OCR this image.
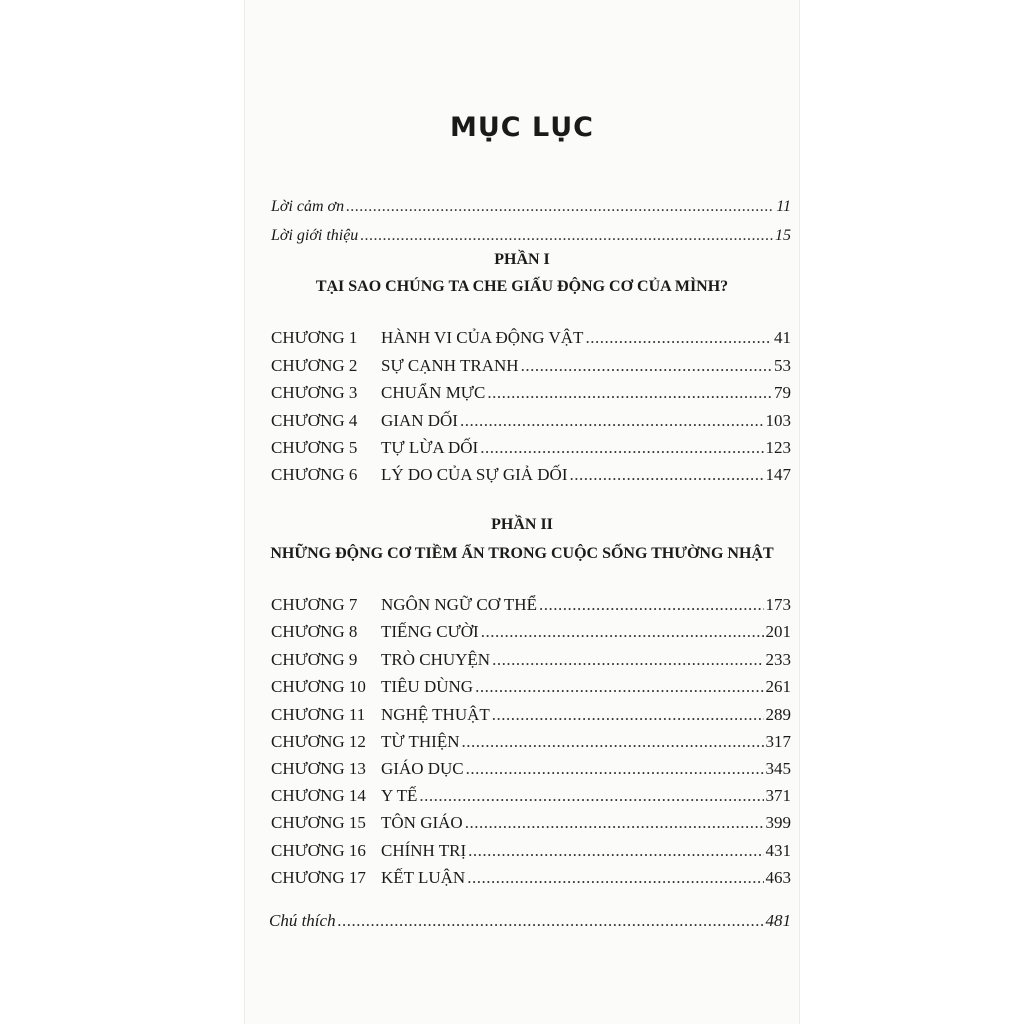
MỤC LỤC
Lời cảm ơn .....	11
Lời giới thiệu .....	15
PHẦN I
TẠI SAO CHÚNG TA CHE GIẤU ĐỘNG CƠ CỦA MÌNH?
CHƯƠNG 1 HÀNH VI CỦA ĐỘNG VẬT .....	41
CHƯƠNG 2 SỰ CẠNH TRANH .....	53
CHƯƠNG 3 CHUẨN MỰC .....	79
CHƯƠNG 4 GIAN DỐI .....	103
CHƯƠNG 5 TỰ LỪA DỐI .....	123
CHƯƠNG 6 LÝ DO CỦA SỰ GIẢ DỐI .....	147
PHẦN II
NHỮNG ĐỘNG CƠ TIỀM ẨN TRONG CUỘC SỐNG THƯỜNG NHẬT
CHƯƠNG 7 NGÔN NGỮ CƠ THỂ .....	173
CHƯƠNG 8 TIẾNG CƯỜI .....	201
CHƯƠNG 9 TRÒ CHUYỆN .....	233
CHƯƠNG 10 TIÊU DÙNG .....	261
CHƯƠNG 11 NGHỆ THUẬT .....	289
CHƯƠNG 12 TỪ THIỆN .....	317
CHƯƠNG 13 GIÁO DỤC .....	345
CHƯƠNG 14 Y TẾ .....	371
CHƯƠNG 15 TÔN GIÁO .....	399
CHƯƠNG 16 CHÍNH TRỊ .....	431
CHƯƠNG 17 KẾT LUẬN .....	463
Chú thích .....	481
